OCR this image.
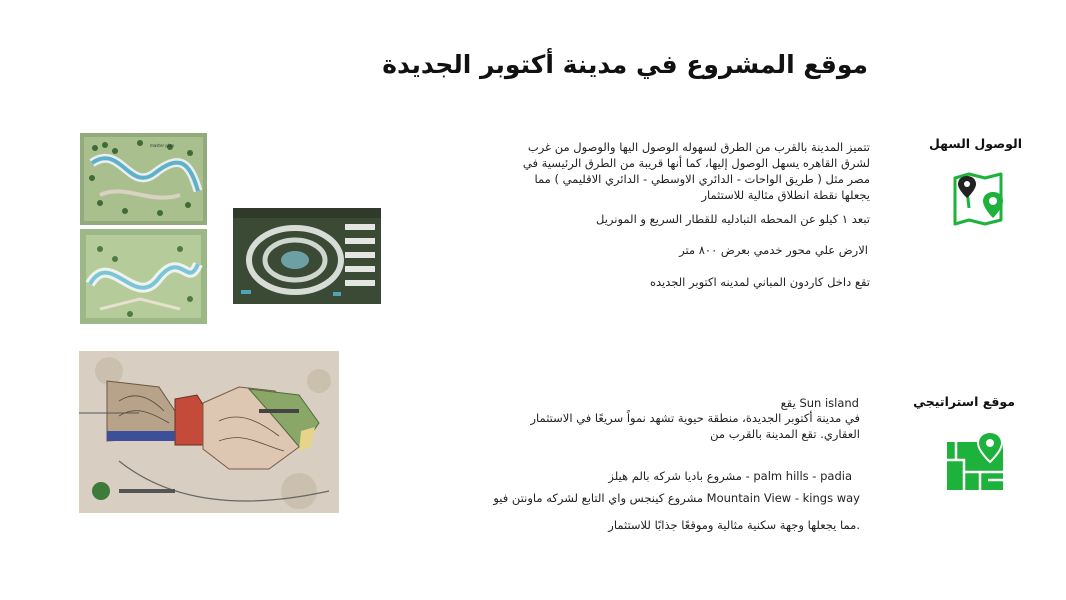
موقع المشروع في مدينة أكتوبر الجديدة
الوصول السهل
تتميز المدينة بالقرب من الطرق لسهوله الوصول اليها والوصول من غرب لشرق القاهره يسهل الوصول إليها، كما أنها قريبة من الطرق الرئيسية في مصر مثل ( طريق الواحات - الدائري الاوسطي - الدائري الاقليمي ) مما يجعلها نقطة انطلاق مثالية للاستثمار
تبعد ١ كيلو عن المحطه التبادليه للقطار السريع و المونريل
الارض علي محور خدمي بعرض ٨٠٠ متر
تقع داخل كاردون المباني لمدينه اكتوبر الجديده
master plan
موقع استراتيجي
Sun island يقع
في مدينة أكتوبر الجديدة، منطقة حيوية تشهد نمواً سريعًا في الاستثمار العقاري. تقع المدينة بالقرب من
palm hills - padia - مشروع باديا شركه بالم هيلز
Mountain View - kings way مشروع كينجس واي التابع لشركه ماونتن فيو
.مما يجعلها وجهة سكنية مثالية وموقعًا جذابًا للاستثمار
